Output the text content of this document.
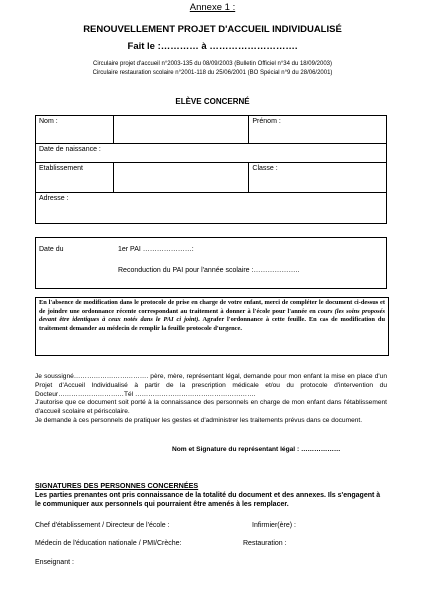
Annexe 1 :
RENOUVELLEMENT PROJET D'ACCUEIL INDIVIDUALISÉ
Fait le :………… à ……………………….
Circulaire projet d'accueil n°2003-135 du 08/09/2003 (Bulletin Officiel n°34 du 18/09/2003)
Circulaire restauration scolaire n°2001-118 du 25/06/2001 (BO Spécial n°9 du 28/06/2001)
ELÈVE CONCERNÉ
Nom :		Prénom :
Date de naissance :		
Etablissement		Classe :
Adresse :		
Date du	1er PAI …………………:
Reconduction du PAI pour l'année scolaire :………………..
En l'absence de modification dans le protocole de prise en charge de votre enfant, merci de compléter le document ci-dessus et de joindre une ordonnance récente correspondant au traitement à donner à l'école pour l'année en cours (les soins proposés devant être identiques à ceux notés dans le PAI ci joint). Agrafer l'ordonnance à cette feuille. En cas de modification du traitement demander au médecin de remplir la feuille protocole d'urgence.

Je soussigné……………………………. père, mère, représentant légal, demande pour mon enfant la mise en place d'un Projet d'Accueil Individualisé à partir de la prescription médicale et/ou du protocole d'intervention du Docteur…………………………Tél ……………………………………………….

J'autorise que ce document soit porté à la connaissance des personnels en charge de mon enfant dans l'établissement d'accueil scolaire et périscolaire.

Je demande à ces personnels de pratiquer les gestes et d'administrer les traitements prévus dans ce document.

Nom et Signature du représentant légal : ………………
SIGNATURES DES PERSONNES CONCERNÉES
Les parties prenantes ont pris connaissance de la totalité du document et des annexes. Ils s'engagent à le communiquer aux personnels qui pourraient être amenés à les remplacer.
Chef d'établissement / Directeur de l'école :	Infirmier(ère) :
Médecin de l'éducation nationale / PMI/Crèche:	Restauration :
Enseignant :
